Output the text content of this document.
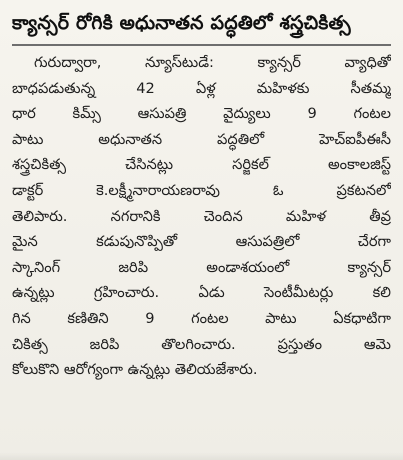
క్యాన్సర్‌ రోగికి అధునాతన పద్ధతిలో శస్త్రచికిత్స

గురుద్వారా, న్యూస్‌టుడే: క్యాన్సర్‌ వ్యాధితో
బాధపడుతున్న 42 ఏళ్ల మహిళకు సీతమ్మ
ధార కిమ్స్‌ ఆసుపత్రి వైద్యులు 9 గంటల
పాటు అధునాతన పద్ధతిలో హెచ్‌ఐపీఈసీ
శస్త్రచికిత్స చేసినట్లు సర్జికల్‌ అంకాలజిస్ట్‌
డాక్టర్‌ కె.లక్ష్మీనారాయణరావు ఓ ప్రకటనలో
తెలిపారు. నగరానికి చెందిన మహిళ తీవ్ర
మైన కడుపునొప్పితో ఆసుపత్రిలో చేరగా
స్కానింగ్‌ జరిపి అండాశయంలో క్యాన్సర్‌
ఉన్నట్లు గ్రహించారు. ఏడు సెంటీమీటర్లు కలి
గిన కణితిని 9 గంటల పాటు ఏకధాటిగా
చికిత్స జరిపి తొలగించారు. ప్రస్తుతం ఆమె
కోలుకొని ఆరోగ్యంగా ఉన్నట్లు తెలియజేశారు.
